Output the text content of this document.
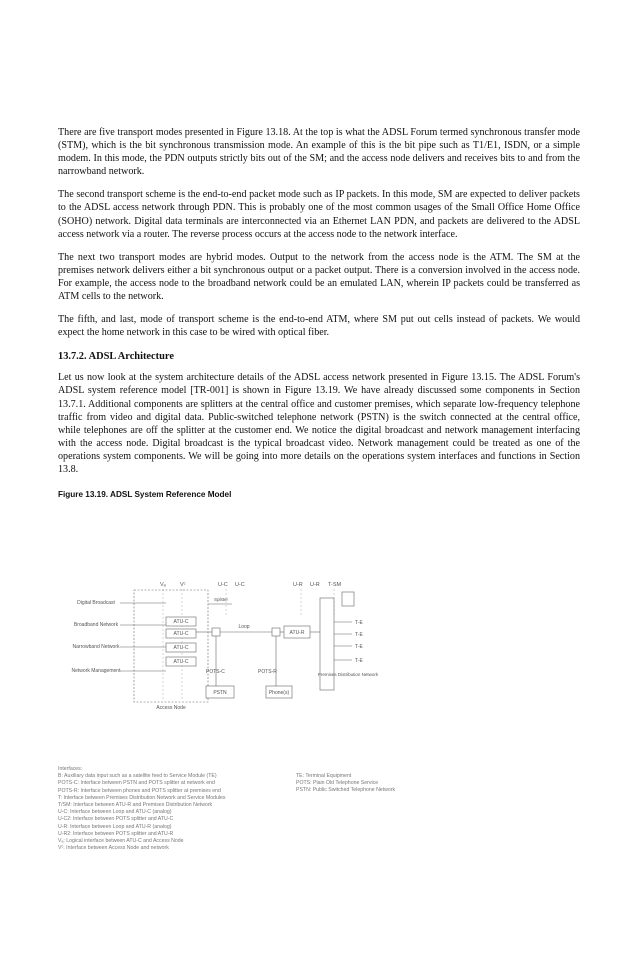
There are five transport modes presented in Figure 13.18. At the top is what the ADSL Forum termed synchronous transfer mode (STM), which is the bit synchronous transmission mode. An example of this is the bit pipe such as T1/E1, ISDN, or a simple modem. In this mode, the PDN outputs strictly bits out of the SM; and the access node delivers and receives bits to and from the narrowband network.

The second transport scheme is the end-to-end packet mode such as IP packets. In this mode, SM are expected to deliver packets to the ADSL access network through PDN. This is probably one of the most common usages of the Small Office Home Office (SOHO) network. Digital data terminals are interconnected via an Ethernet LAN PDN, and packets are delivered to the ADSL access network via a router. The reverse process occurs at the access node to the network interface.

The next two transport modes are hybrid modes. Output to the network from the access node is the ATM. The SM at the premises network delivers either a bit synchronous output or a packet output. There is a conversion involved in the access node. For example, the access node to the broadband network could be an emulated LAN, wherein IP packets could be transferred as ATM cells to the network.

The fifth, and last, mode of transport scheme is the end-to-end ATM, where SM put out cells instead of packets. We would expect the home network in this case to be wired with optical fiber.

13.7.2. ADSL Architecture

Let us now look at the system architecture details of the ADSL access network presented in Figure 13.15. The ADSL Forum's ADSL system reference model [TR-001] is shown in Figure 13.19. We have already discussed some components in Section 13.7.1. Additional components are splitters at the central office and customer premises, which separate low-frequency telephone traffic from video and digital data. Public-switched telephone network (PSTN) is the switch connected at the central office, while telephones are off the splitter at the customer end. We notice the digital broadcast and network management interfacing with the access node. Digital broadcast is the typical broadcast video. Network management could be treated as one of the operations system components. We will be going into more details on the operations system interfaces and functions in Section 13.8.

Figure 13.19. ADSL System Reference Model
Vₐ	Vᶜ	U-C U-C	U-R U-R T-SM
Digital Broadcast
Broadband Network
Narrowband Network
Network Management
ATU-C
ATU-C
ATU-C
ATU-C
Splitter
Loop
ATU-R
POTS-C	POTS-R
PSTN	Phone(s)
T-E
T-E
T-E
T-E
Access Node
Premises Distribution Network
Interfaces:
B: Auxiliary data input such as a satellite feed to Service Module (TE)
POTS-C: Interface between PSTN and POTS splitter at network end
POTS-R: Interface between phones and POTS splitter at premises end
T: Interface between Premises Distribution Network and Service Modules
T/SM: Interface between ATU-R and Premises Distribution Network
U-C: Interface between Loop and ATU-C (analog)
U-C2: Interface between POTS splitter and ATU-C
U-R: Interface between Loop and ATU-R (analog)
U-R2: Interface between POTS splitter and ATU-R
Vₐ: Logical interface between ATU-C and Access Node
Vᶜ: Interface between Access Node and network
TE: Terminal Equipment
POTS: Plain Old Telephone Service
PSTN: Public Switched Telephone Network
